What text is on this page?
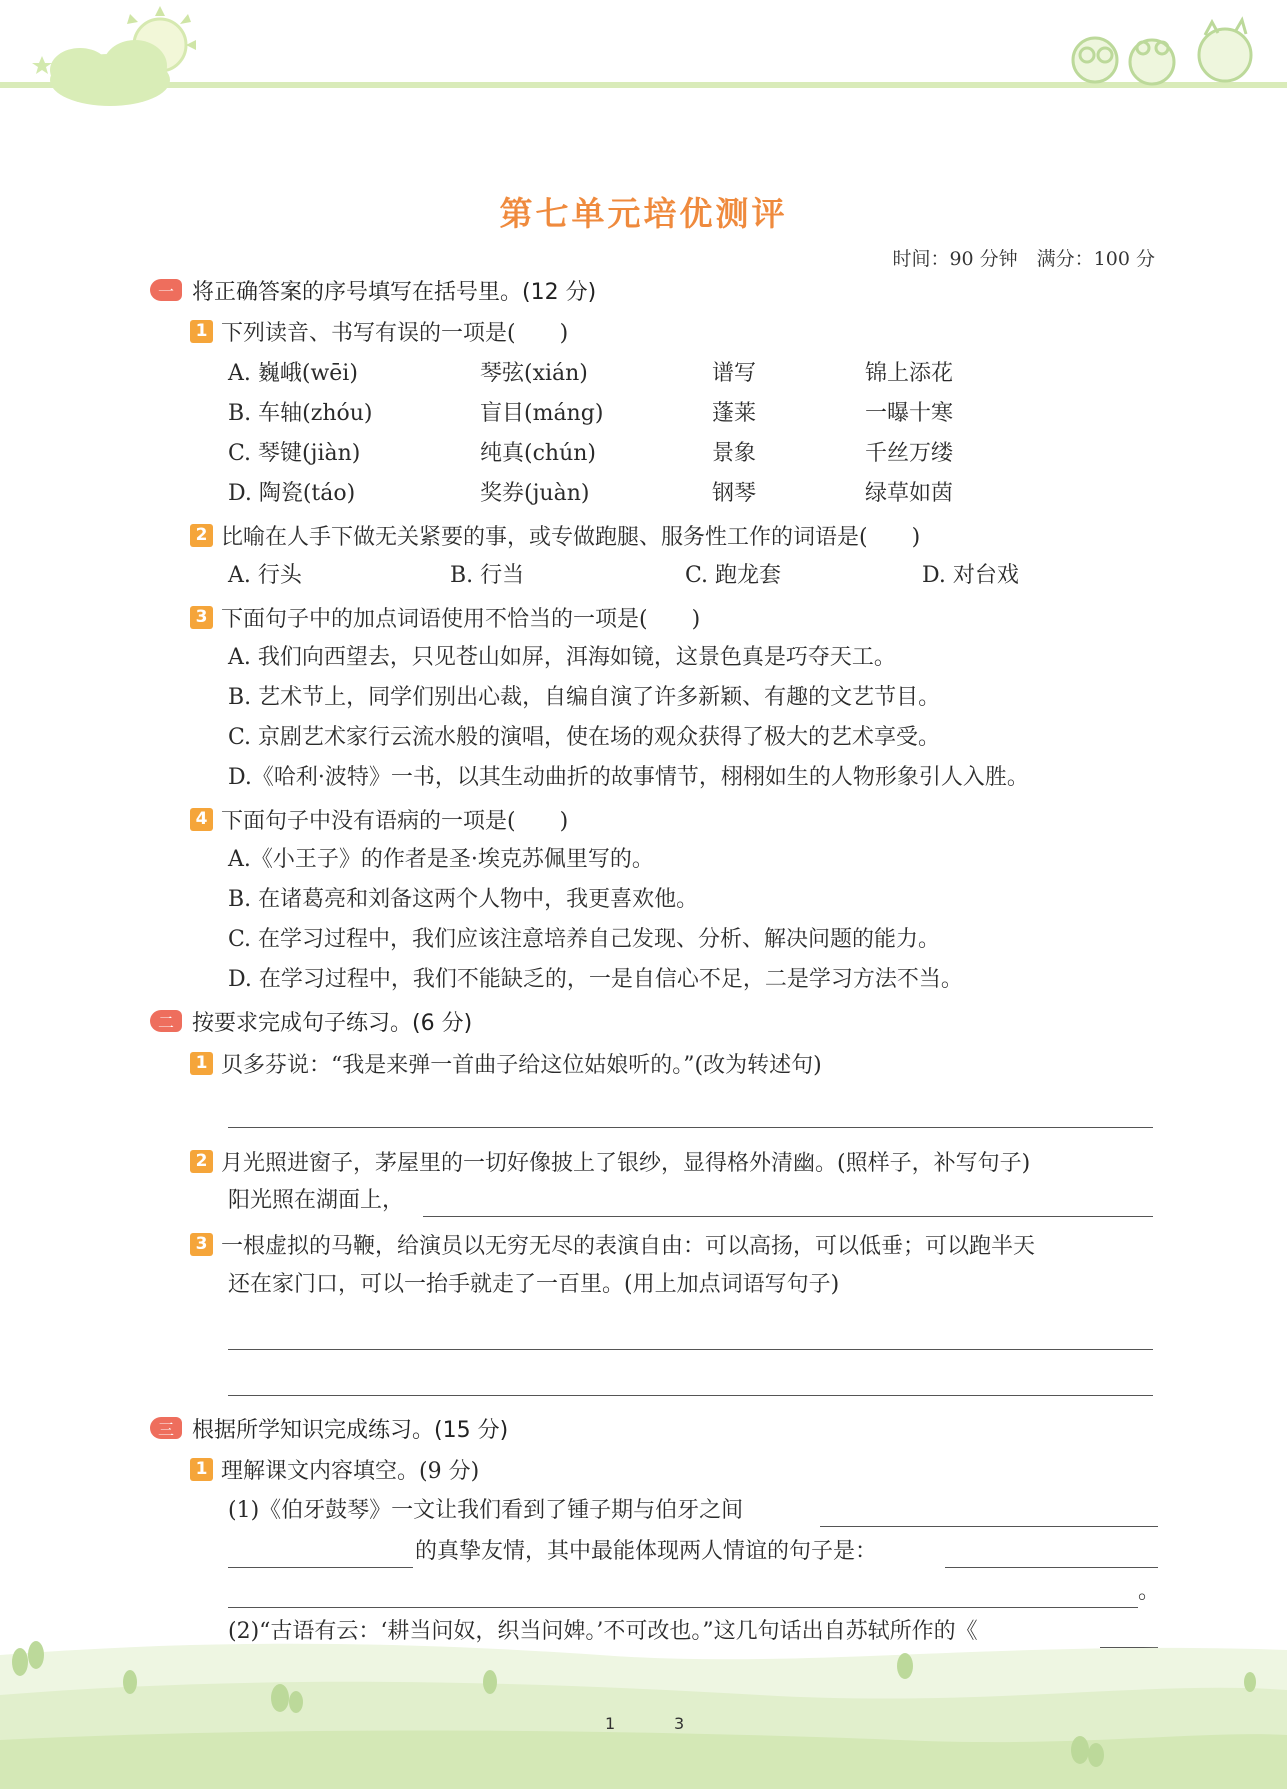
第七单元培优测评
时间：90 分钟　满分：100 分
一 将正确答案的序号填写在括号里。(12 分)
1 下列读音、书写有误的一项是(　　)
A. 巍峨(wēi)	琴弦(xián)	谱写	锦上添花
B. 车轴(zhóu)	盲目(máng)	蓬莱	一曝十寒
C. 琴键(jiàn)	纯真(chún)	景象	千丝万缕
D. 陶瓷(táo)	奖券(juàn)	钢琴	绿草如茵
2 比喻在人手下做无关紧要的事，或专做跑腿、服务性工作的词语是(　　)
A. 行头	B. 行当	C. 跑龙套	D. 对台戏
3 下面句子中的加点词语使用不恰当的一项是(　　)
A. 我们向西望去，只见苍山如屏，洱海如镜，这景色真是巧夺天工。
B. 艺术节上，同学们别出心裁，自编自演了许多新颖、有趣的文艺节目。
C. 京剧艺术家行云流水般的演唱，使在场的观众获得了极大的艺术享受。
D.《哈利·波特》一书，以其生动曲折的故事情节，栩栩如生的人物形象引人入胜。
4 下面句子中没有语病的一项是(　　)
A.《小王子》的作者是圣·埃克苏佩里写的。
B. 在诸葛亮和刘备这两个人物中，我更喜欢他。
C. 在学习过程中，我们应该注意培养自己发现、分析、解决问题的能力。
D. 在学习过程中，我们不能缺乏的，一是自信心不足，二是学习方法不当。
二 按要求完成句子练习。(6 分)
1 贝多芬说：“我是来弹一首曲子给这位姑娘听的。”(改为转述句)
2 月光照进窗子，茅屋里的一切好像披上了银纱，显得格外清幽。(照样子，补写句子)
阳光照在湖面上，
3 一根虚拟的马鞭，给演员以无穷无尽的表演自由：可以高扬，可以低垂；可以跑半天
还在家门口，可以一抬手就走了一百里。(用上加点词语写句子)
三 根据所学知识完成练习。(15 分)
1 理解课文内容填空。(9 分)
(1)《伯牙鼓琴》一文让我们看到了锺子期与伯牙之间
的真挚友情，其中最能体现两人情谊的句子是：
。
(2)“古语有云：‘耕当问奴，织当问婢。’不可改也。”这几句话出自苏轼所作的《
1	3
